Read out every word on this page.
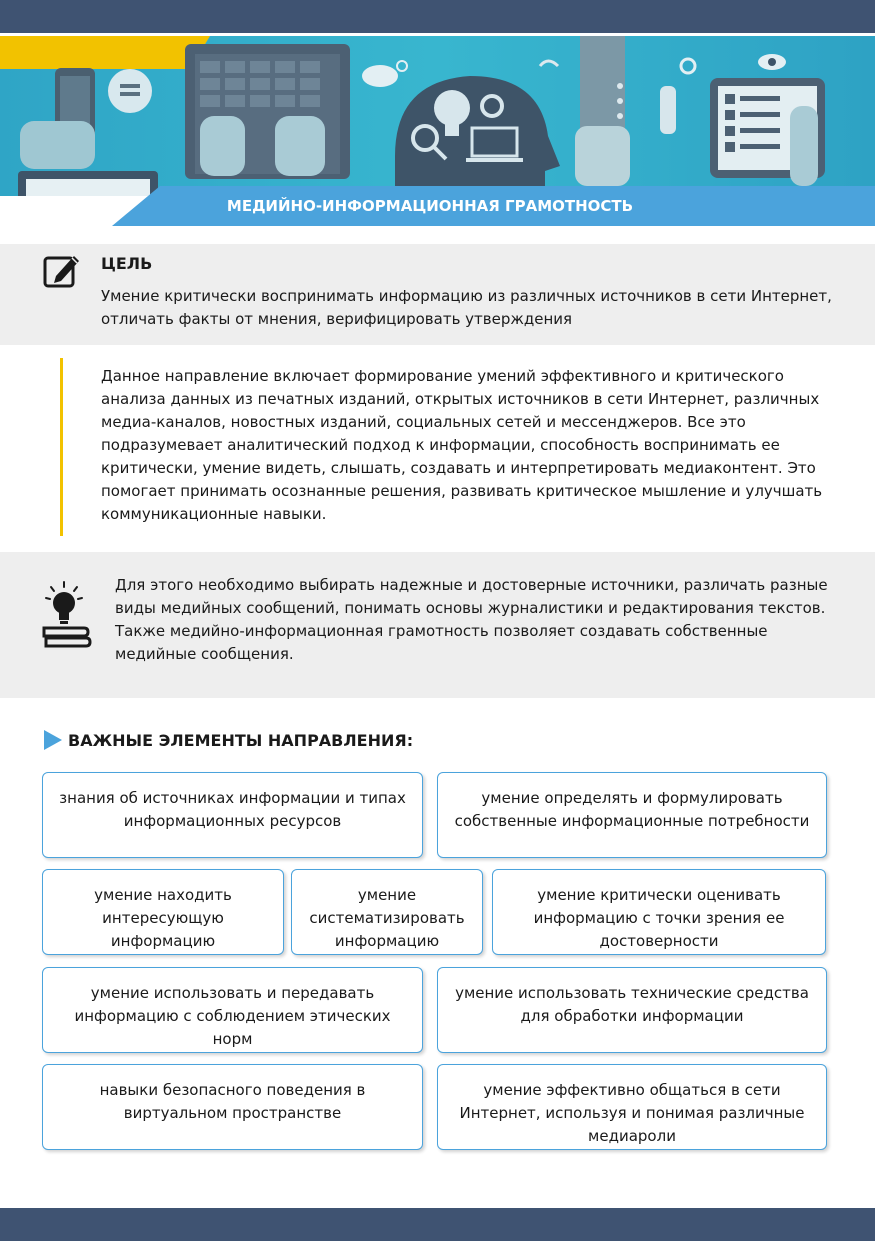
МЕДИЙНО-ИНФОРМАЦИОННАЯ ГРАМОТНОСТЬ
ЦЕЛЬ
Умение критически воспринимать информацию из различных источников в сети Интернет, отличать факты от мнения, верифицировать утверждения
Данное направление включает формирование умений эффективного и критического анализа данных из печатных изданий, открытых источников в сети Интернет, различных медиа-каналов, новостных изданий, социальных сетей и мессенджеров. Все это подразумевает аналитический подход к информации, способность воспринимать ее критически, умение видеть, слышать, создавать и интерпретировать медиаконтент. Это помогает принимать осознанные решения, развивать критическое мышление и улучшать коммуникационные навыки.
Для этого необходимо выбирать надежные и достоверные источники, различать разные виды медийных сообщений, понимать основы журналистики и редактирования текстов. Также медийно-информационная грамотность позволяет создавать собственные медийные сообщения.
ВАЖНЫЕ ЭЛЕМЕНТЫ НАПРАВЛЕНИЯ:
знания об источниках информации и типах информационных ресурсов
умение определять и формулировать собственные информационные потребности
умение находить интересующую информацию
умение систематизировать информацию
умение критически оценивать информацию с точки зрения ее достоверности
умение использовать и передавать информацию с соблюдением этических норм
умение использовать технические средства для обработки информации
навыки безопасного поведения в виртуальном пространстве
умение эффективно общаться в сети Интернет, используя и понимая различные медиароли
